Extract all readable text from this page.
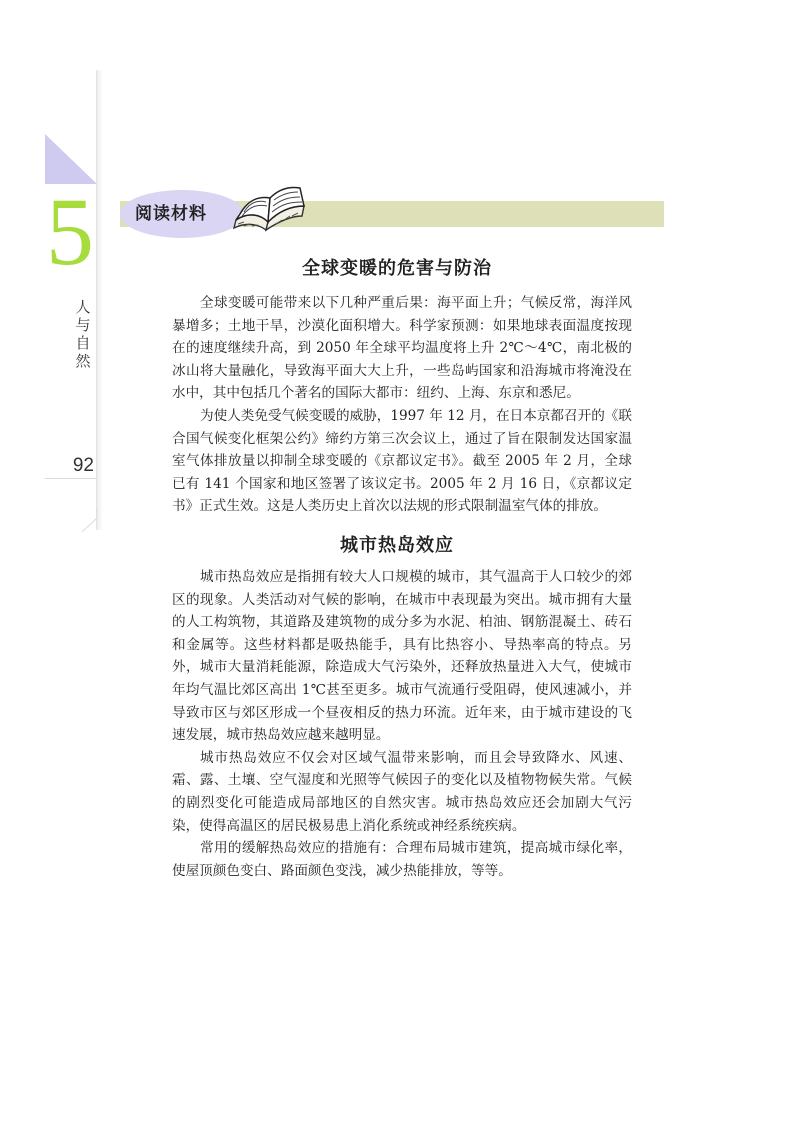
5
人与自然
92
阅读材料
全球变暖的危害与防治

全球变暖可能带来以下几种严重后果：海平面上升；气候反常，海洋风暴增多；土地干旱，沙漠化面积增大。科学家预测：如果地球表面温度按现在的速度继续升高，到 2050 年全球平均温度将上升 2℃～4℃，南北极的冰山将大量融化，导致海平面大大上升，一些岛屿国家和沿海城市将淹没在水中，其中包括几个著名的国际大都市：纽约、上海、东京和悉尼。

为使人类免受气候变暖的威胁，1997 年 12 月，在日本京都召开的《联合国气候变化框架公约》缔约方第三次会议上，通过了旨在限制发达国家温室气体排放量以抑制全球变暖的《京都议定书》。截至 2005 年 2 月，全球已有 141 个国家和地区签署了该议定书。2005 年 2 月 16 日，《京都议定书》正式生效。这是人类历史上首次以法规的形式限制温室气体的排放。

城市热岛效应

城市热岛效应是指拥有较大人口规模的城市，其气温高于人口较少的郊区的现象。人类活动对气候的影响，在城市中表现最为突出。城市拥有大量的人工构筑物，其道路及建筑物的成分多为水泥、柏油、钢筋混凝土、砖石和金属等。这些材料都是吸热能手，具有比热容小、导热率高的特点。另外，城市大量消耗能源，除造成大气污染外，还释放热量进入大气，使城市年均气温比郊区高出 1℃甚至更多。城市气流通行受阻碍，使风速减小，并导致市区与郊区形成一个昼夜相反的热力环流。近年来，由于城市建设的飞速发展，城市热岛效应越来越明显。

城市热岛效应不仅会对区域气温带来影响，而且会导致降水、风速、霜、露、土壤、空气湿度和光照等气候因子的变化以及植物物候失常。气候的剧烈变化可能造成局部地区的自然灾害。城市热岛效应还会加剧大气污染，使得高温区的居民极易患上消化系统或神经系统疾病。

常用的缓解热岛效应的措施有：合理布局城市建筑，提高城市绿化率，使屋顶颜色变白、路面颜色变浅，减少热能排放，等等。
